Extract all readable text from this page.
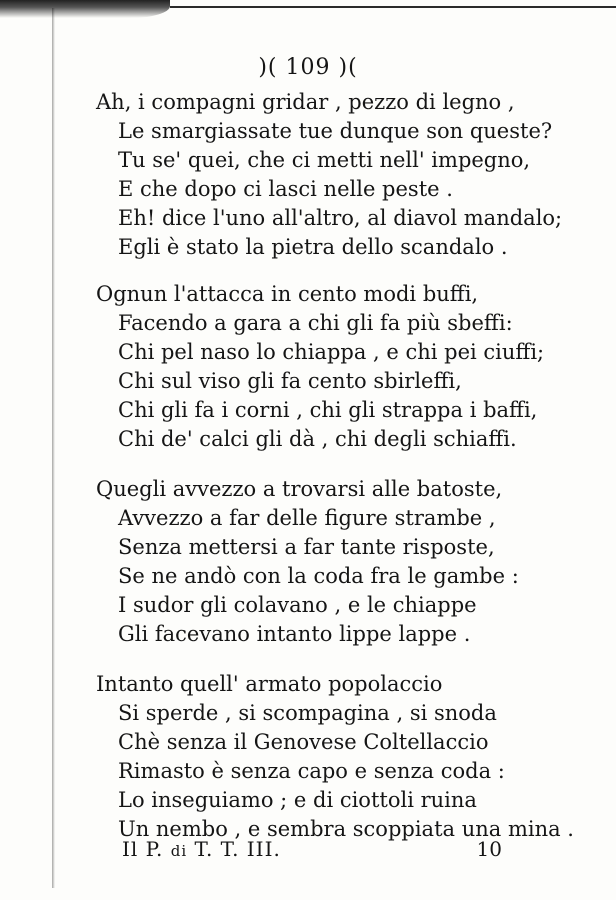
)( 109 )(
Ah, i compagni gridar , pezzo di legno ,
Le smargiassate tue dunque son queste?
Tu se' quei, che ci metti nell' impegno,
E che dopo ci lasci nelle peste .
Eh! dice l'uno all'altro, al diavol mandalo;
Egli è stato la pietra dello scandalo .
Ognun l'attacca in cento modi buffi,
Facendo a gara a chi gli fa più sbeffi:
Chi pel naso lo chiappa , e chi pei ciuffi;
Chi sul viso gli fa cento sbirleffi,
Chi gli fa i corni , chi gli strappa i baffi,
Chi de' calci gli dà , chi degli schiaffi.
Quegli avvezzo a trovarsi alle batoste,
Avvezzo a far delle figure strambe ,
Senza mettersi a far tante risposte,
Se ne andò con la coda fra le gambe :
I sudor gli colavano , e le chiappe
Gli facevano intanto lippe lappe .
Intanto quell' armato popolaccio
Si sperde , si scompagina , si snoda
Chè senza il Genovese Coltellaccio
Rimasto è senza capo e senza coda :
Lo inseguiamo ; e di ciottoli ruina
Un nembo , e sembra scoppiata una mina .
Il P. di T. T. III.	10
